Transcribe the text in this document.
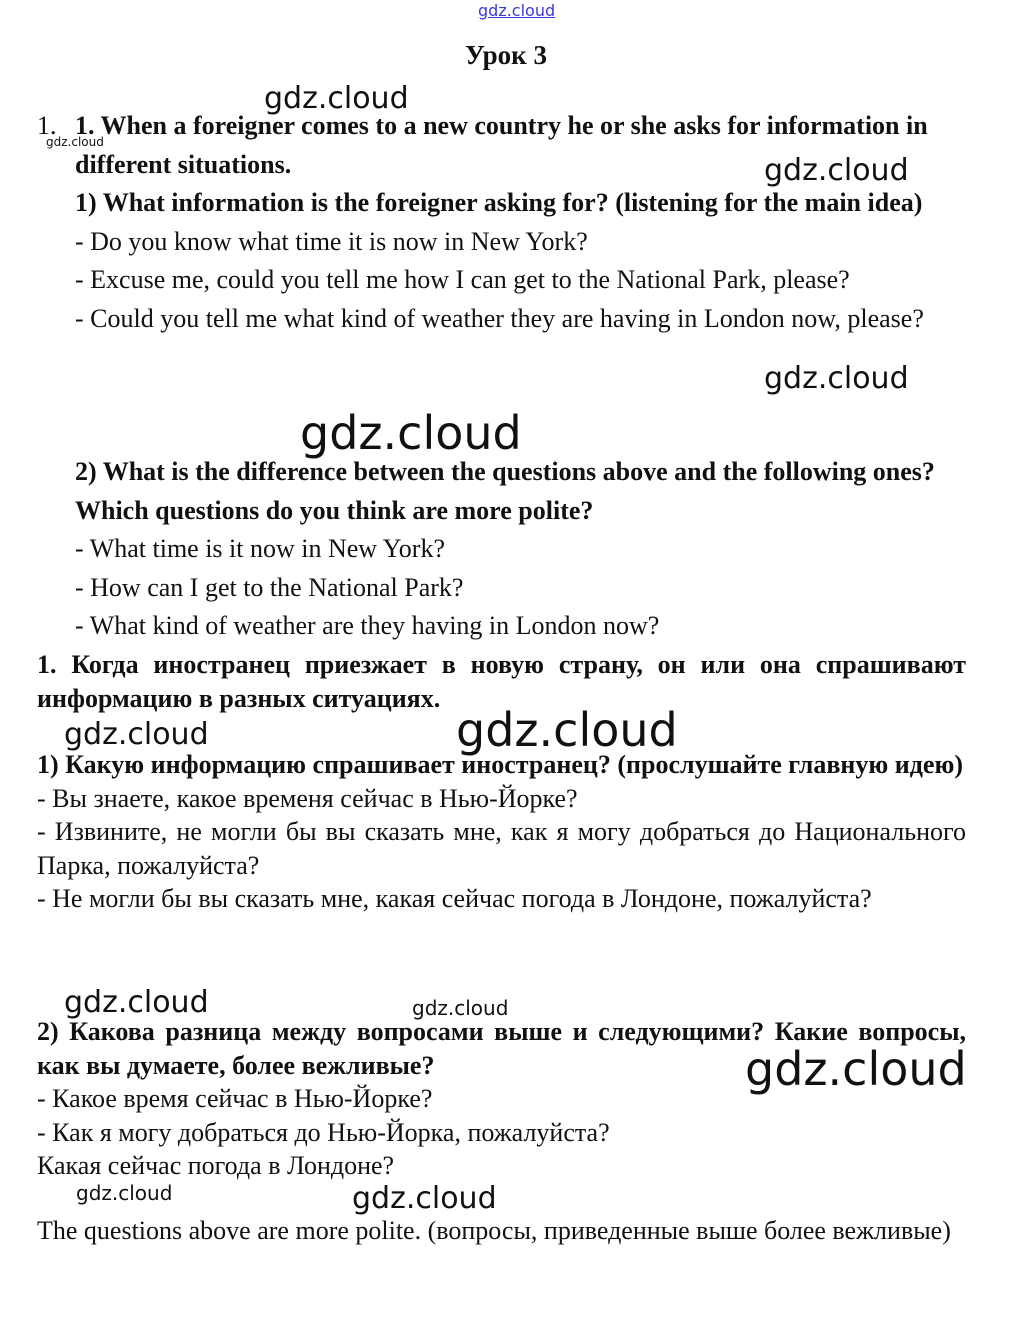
gdz.cloud
gdz.cloud
gdz.cloud
gdz.cloud
gdz.cloud
gdz.cloud
gdz.cloud
gdz.cloud
gdz.cloud	gdz.cloud
gdz.cloud
gdz.cloud	gdz.cloud
Урок 3
1. 1. When a foreigner comes to a new country he or she asks for information in different situations.

1) What information is the foreigner asking for? (listening for the main idea)

- Do you know what time it is now in New York?

- Excuse me, could you tell me how I can get to the National Park, please?

- Could you tell me what kind of weather they are having in London now, please?

2) What is the difference between the questions above and the following ones? Which questions do you think are more polite?

- What time is it now in New York?

- How can I get to the National Park?

- What kind of weather are they having in London now?

1. Когда иностранец приезжает в новую страну, он или она спрашивают информацию в разных ситуациях.

1) Какую информацию спрашивает иностранец? (прослушайте главную идею)

- Вы знаете, какое временя сейчас в Нью-Йорке?

- Извините, не могли бы вы сказать мне, как я могу добраться до Национального Парка, пожалуйста?

- Не могли бы вы сказать мне, какая сейчас погода в Лондоне, пожалуйста?

2) Какова разница между вопросами выше и следующими? Какие вопросы, как вы думаете, более вежливые?

- Какое время сейчас в Нью-Йорке?

- Как я могу добраться до Нью-Йорка, пожалуйста?

Какая сейчас погода в Лондоне?

The questions above are more polite. (вопросы, приведенные выше более вежливые)
